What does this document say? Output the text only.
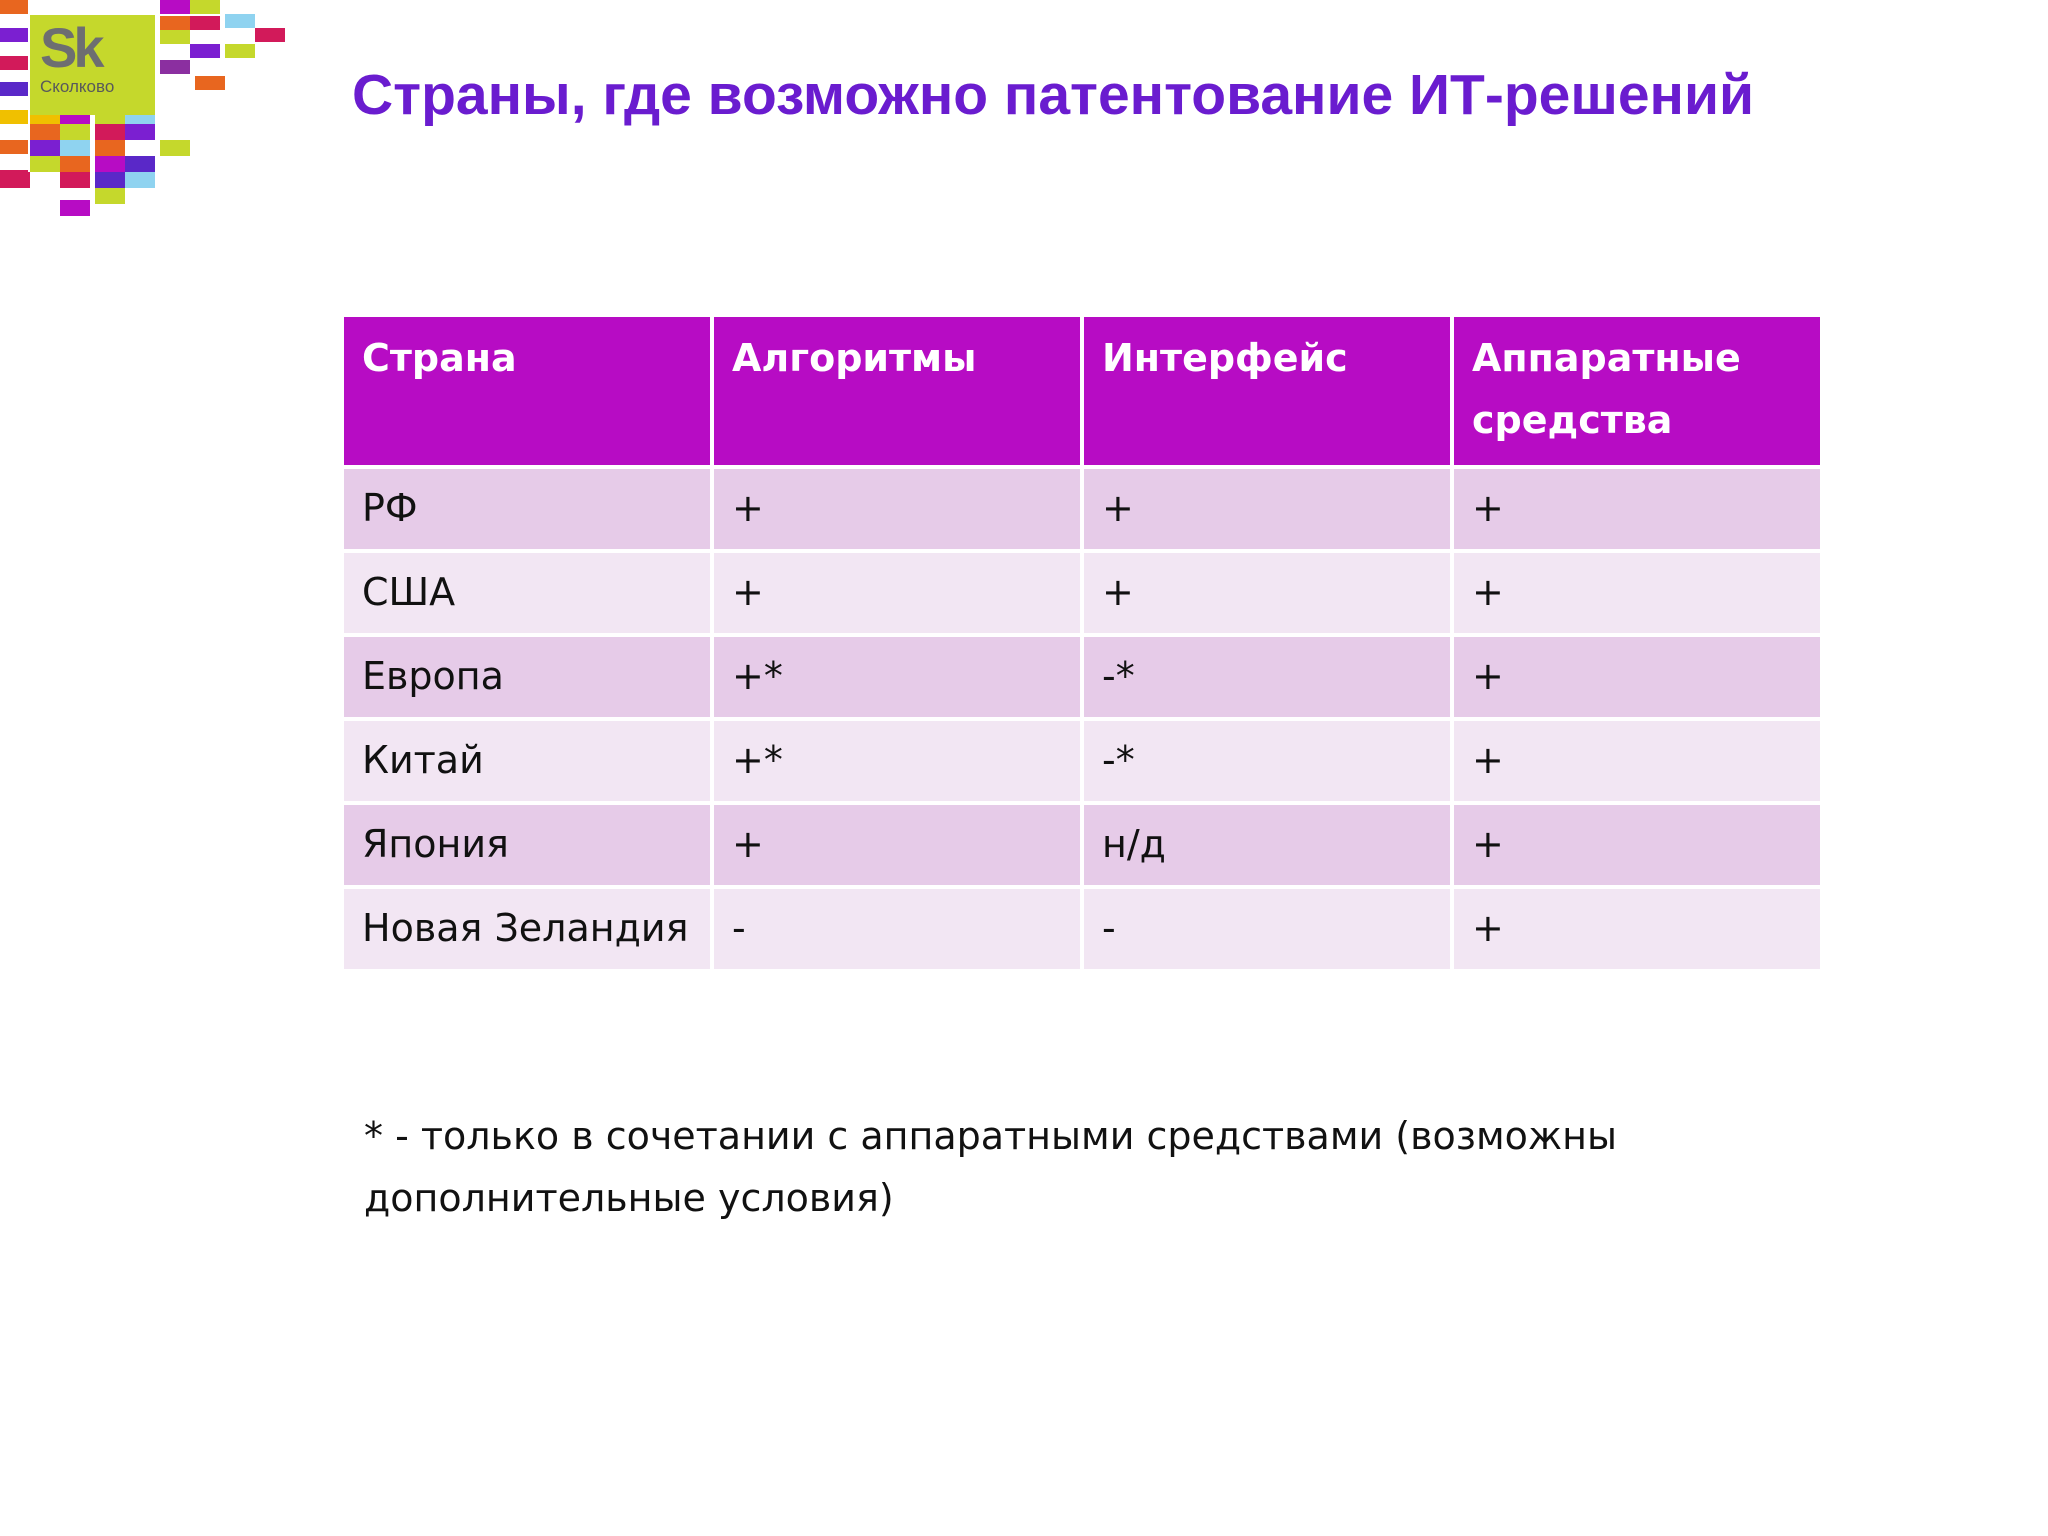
Sk
Сколково	Страны, где возможно патентование ИТ-решений
Страна	Алгоритмы	Интерфейс	Аппаратные средства
РФ	+	+	+
США	+	+	+
Европа	+*	-*	+
Китай	+*	-*	+
Япония	+	н/д	+
Новая Зеландия	-	-	+

* - только в сочетании с аппаратными средствами (возможны дополнительные условия)
